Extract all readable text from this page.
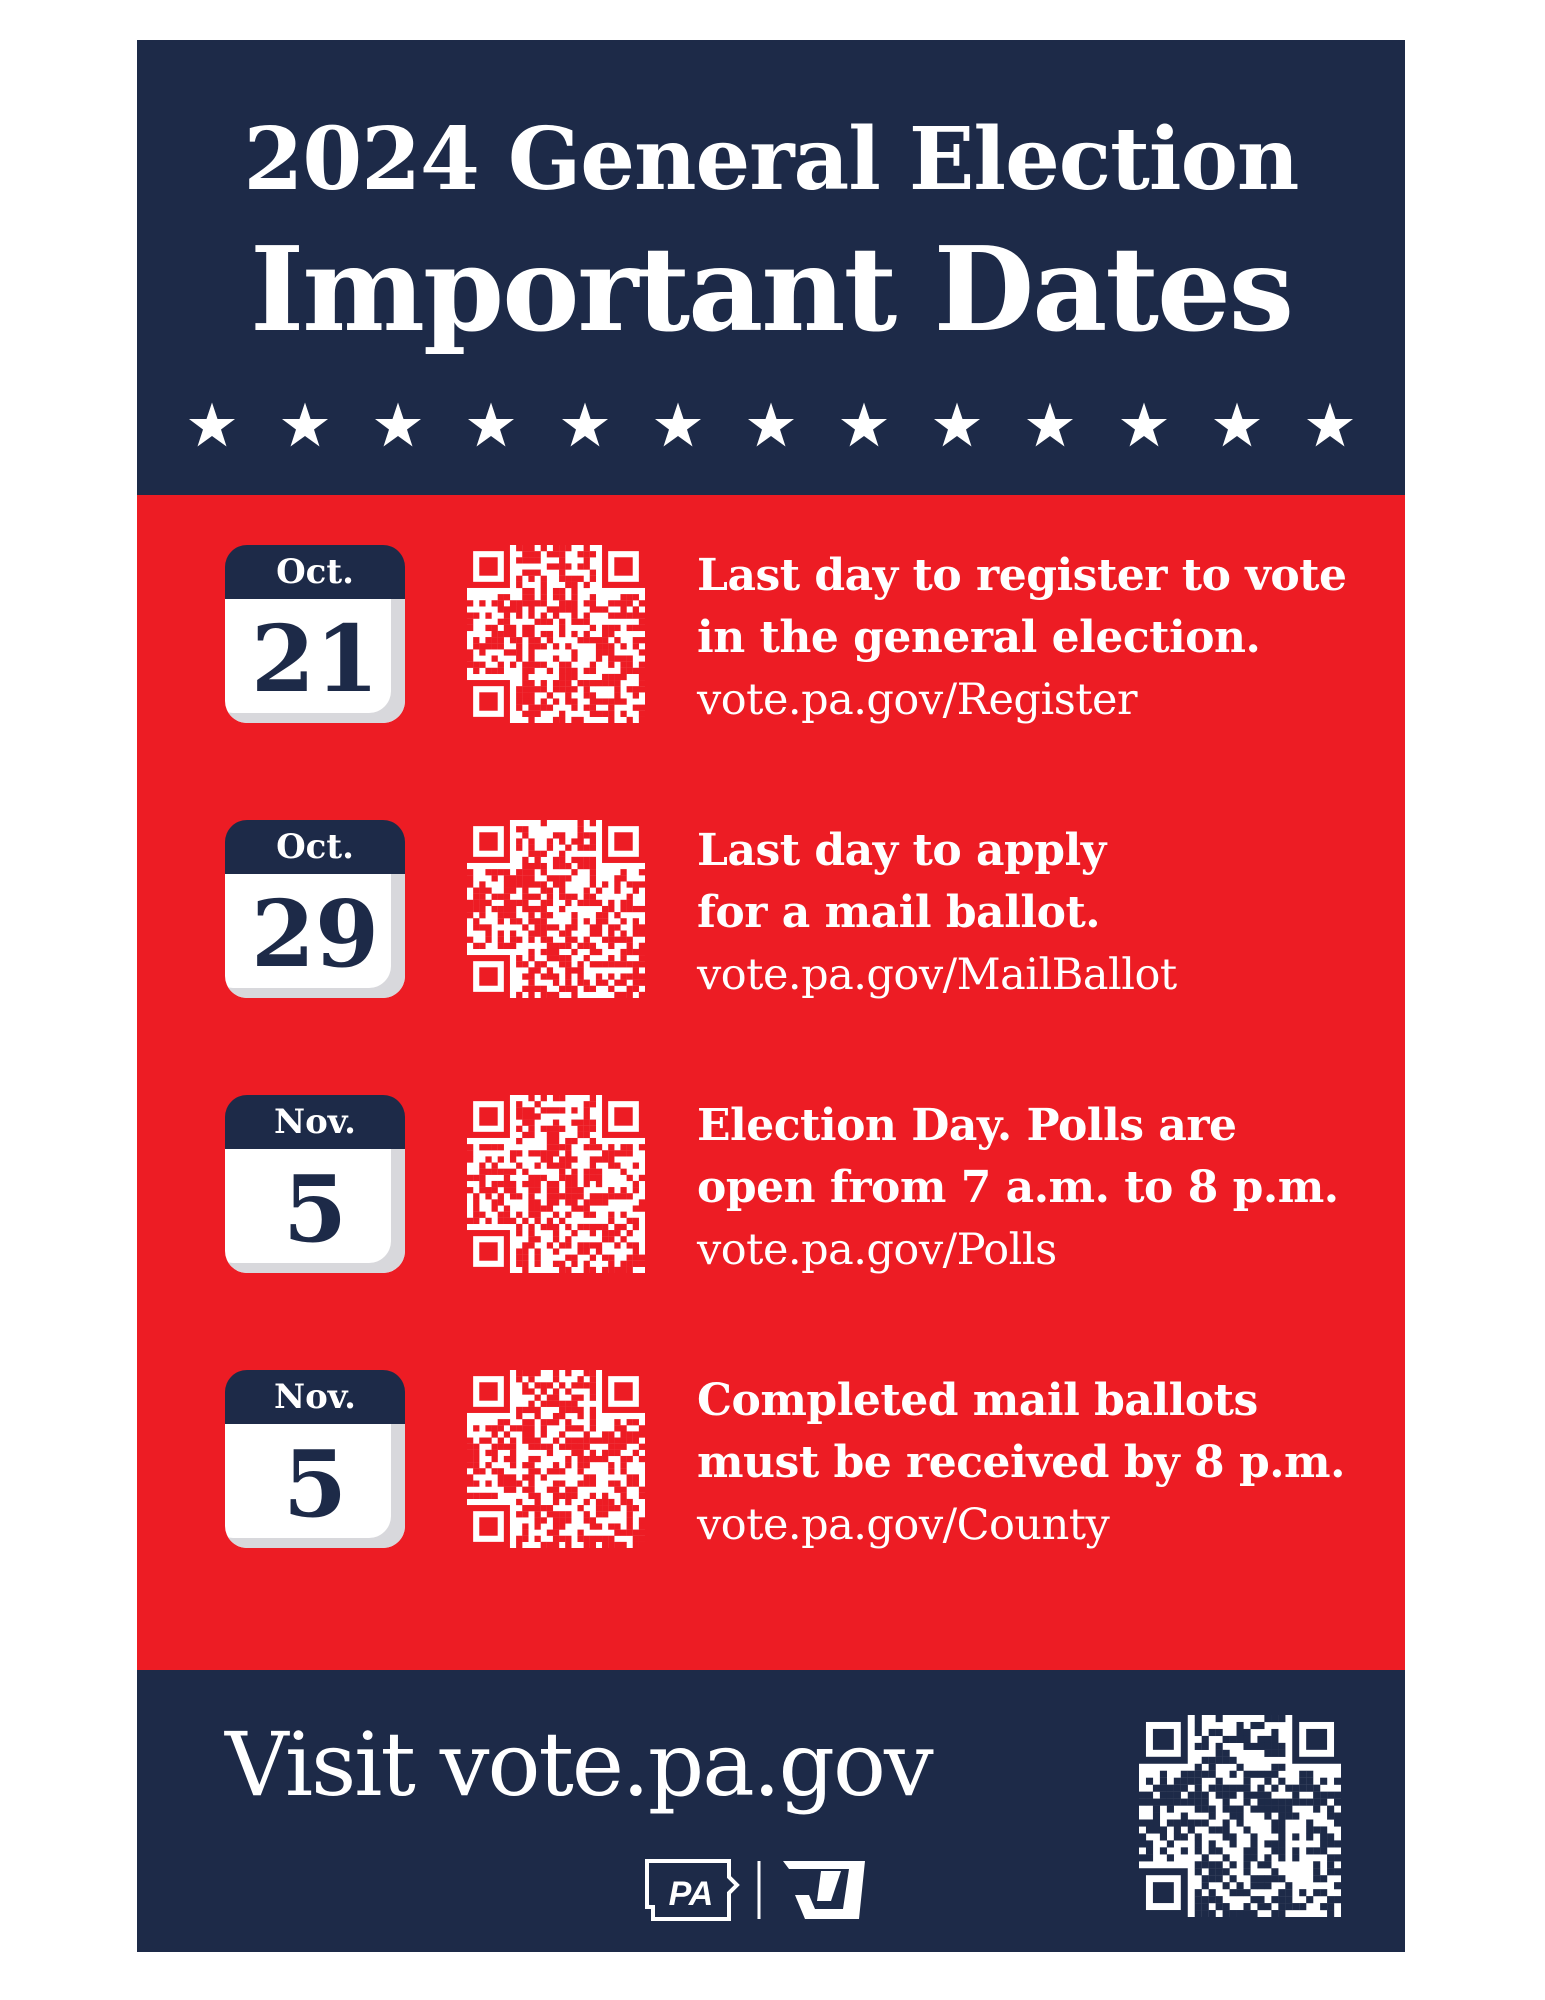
2024 General Election
Important Dates
Oct.
21
Last day to register to vote
in the general election.
vote.pa.gov/Register
Oct.
29
Last day to apply
for a mail ballot.
vote.pa.gov/MailBallot
Nov.
5
Election Day. Polls are
open from 7 a.m. to 8 p.m.
vote.pa.gov/Polls
Nov.
5
Completed mail ballots
must be received by 8 p.m.
vote.pa.gov/County
Visit vote.pa.gov
PA
